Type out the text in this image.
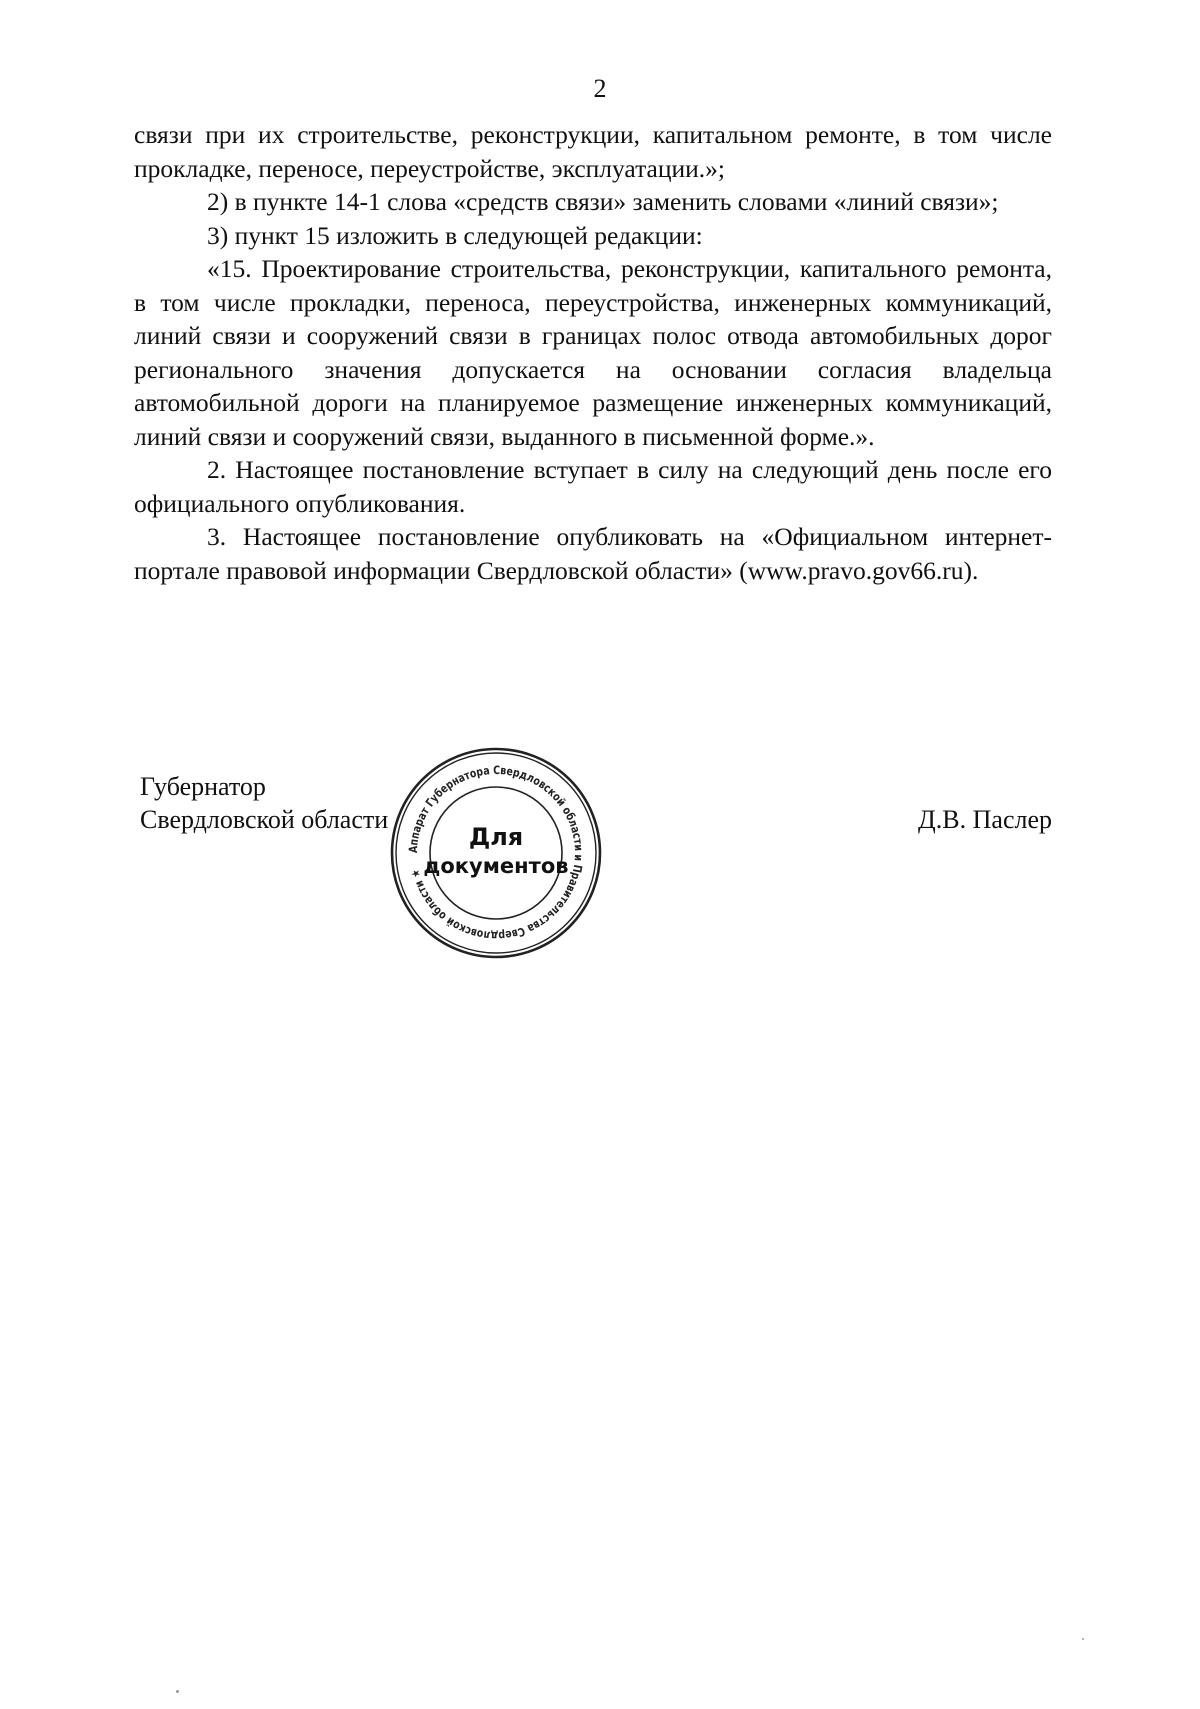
2

связи при их строительстве, реконструкции, капитальном ремонте, в том числе прокладке, переносе, переустройстве, эксплуатации.»;

2) в пункте 14-1 слова «средств связи» заменить словами «линий связи»;

3) пункт 15 изложить в следующей редакции:

«15. Проектирование строительства, реконструкции, капитального ремонта, в том числе прокладки, переноса, переустройства, инженерных коммуникаций, линий связи и сооружений связи в границах полос отвода автомобильных дорог регионального значения допускается на основании согласия владельца автомобильной дороги на планируемое размещение инженерных коммуникаций, линий связи и сооружений связи, выданного в письменной форме.».

2. Настоящее постановление вступает в силу на следующий день после его официального опубликования.

3. Настоящее постановление опубликовать на «Официальном интернет-портале правовой информации Свердловской области» (www.pravo.gov66.ru).

Губернатор
Свердловской области	Д.В. Паслер
Аппарат Губернатора Свердловской области и Правительства Свердловской области ★
Для
документов
